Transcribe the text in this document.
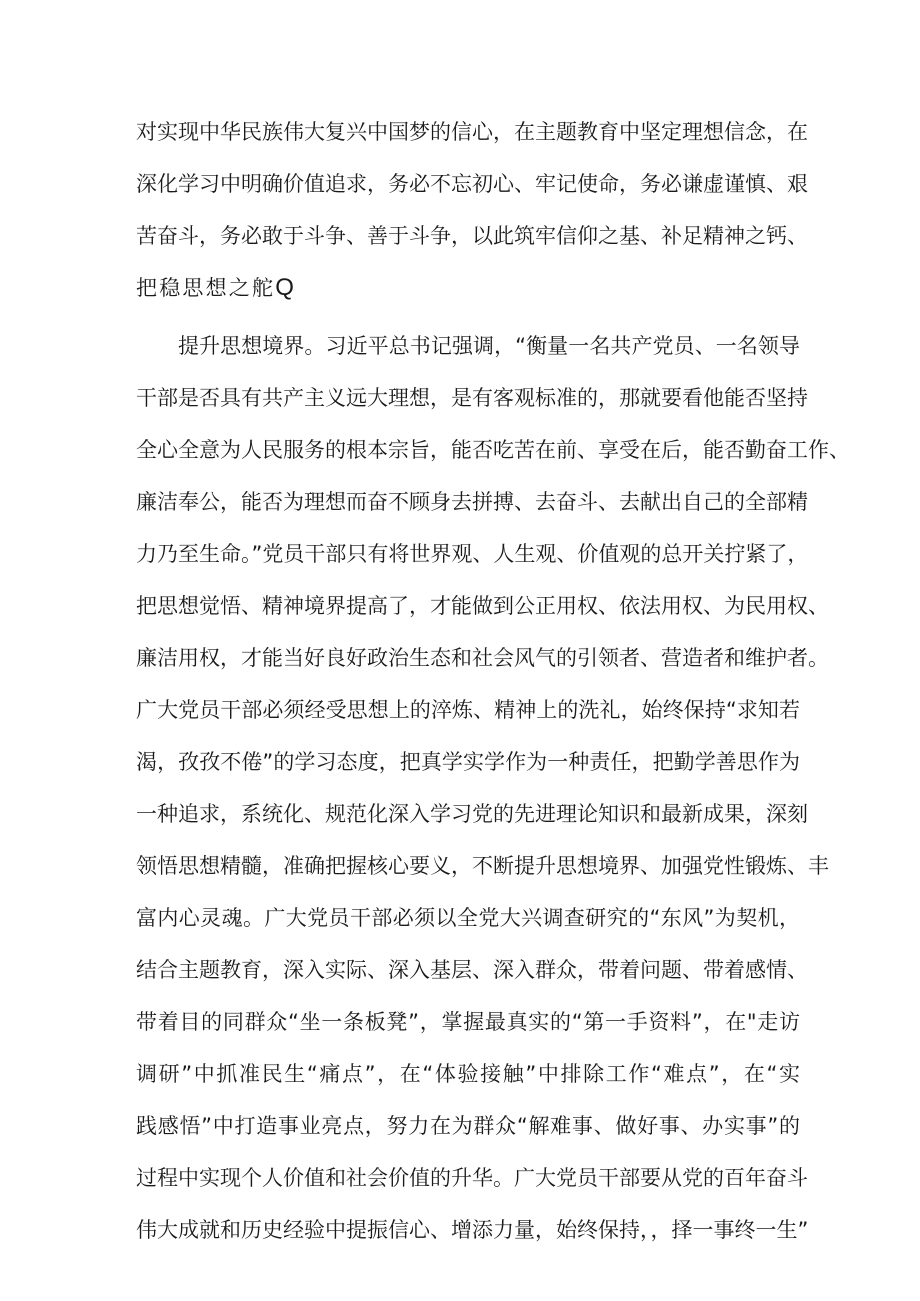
对实现中华民族伟大复兴中国梦的信心，在主题教育中坚定理想信念，在
深化学习中明确价值追求，务必不忘初心、牢记使命，务必谦虚谨慎、艰
苦奋斗，务必敢于斗争、善于斗争，以此筑牢信仰之基、补足精神之钙、
把稳思想之舵Q
提升思想境界。习近平总书记强调，“衡量一名共产党员、一名领导
干部是否具有共产主义远大理想，是有客观标准的，那就要看他能否坚持
全心全意为人民服务的根本宗旨，能否吃苦在前、享受在后，能否勤奋工作、
廉洁奉公，能否为理想而奋不顾身去拼搏、去奋斗、去献出自己的全部精
力乃至生命。”党员干部只有将世界观、人生观、价值观的总开关拧紧了，
把思想觉悟、精神境界提高了，才能做到公正用权、依法用权、为民用权、
廉洁用权，才能当好良好政治生态和社会风气的引领者、营造者和维护者。
广大党员干部必须经受思想上的淬炼、精神上的洗礼，始终保持“求知若
渴，孜孜不倦”的学习态度，把真学实学作为一种责任，把勤学善思作为
一种追求，系统化、规范化深入学习党的先进理论知识和最新成果，深刻
领悟思想精髓，准确把握核心要义，不断提升思想境界、加强党性锻炼、丰
富内心灵魂。广大党员干部必须以全党大兴调查研究的“东风”为契机，
结合主题教育，深入实际、深入基层、深入群众，带着问题、带着感情、
带着目的同群众“坐一条板凳”，掌握最真实的“第一手资料”，在"走访
调研”中抓准民生“痛点”，在“体验接触”中排除工作“难点”，在“实
践感悟”中打造事业亮点，努力在为群众“解难事、做好事、办实事”的
过程中实现个人价值和社会价值的升华。广大党员干部要从党的百年奋斗
伟大成就和历史经验中提振信心、增添力量，始终保持，，择一事终一生”
